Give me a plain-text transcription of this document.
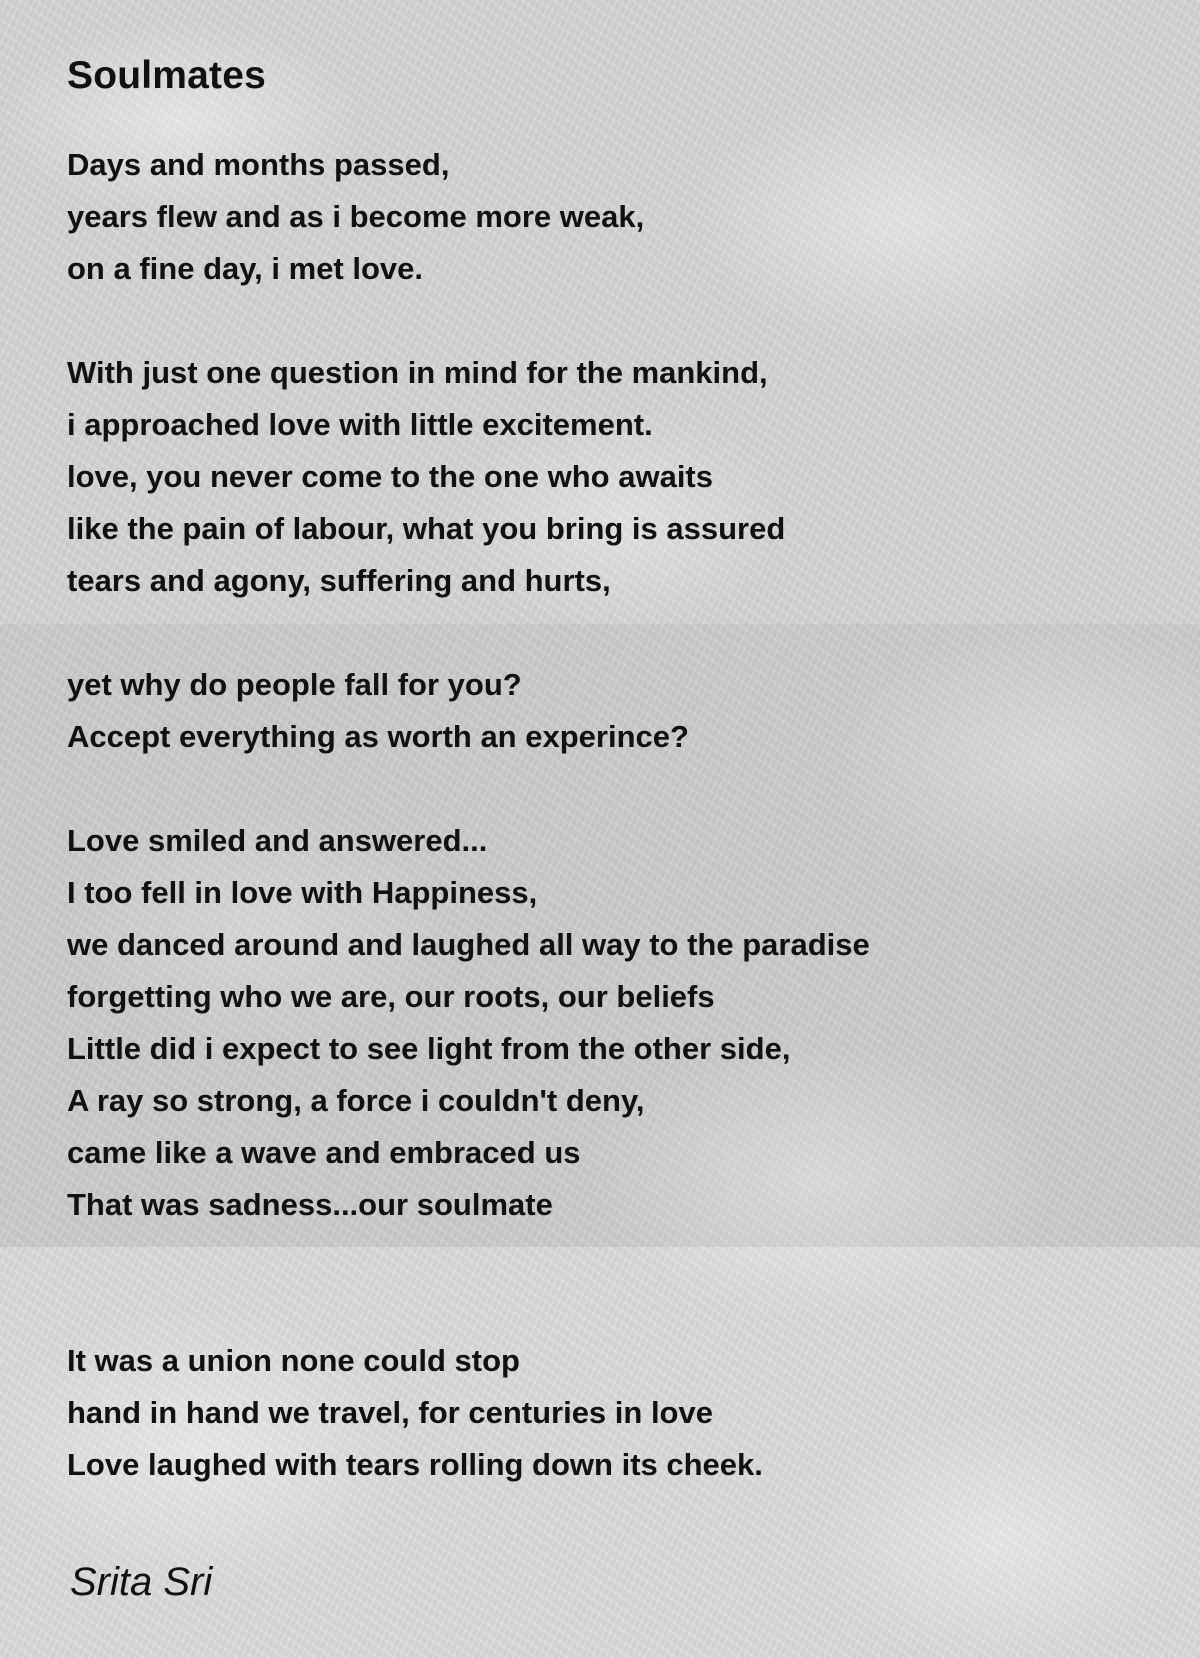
Soulmates
Days and months passed,
years flew and as i become more weak,
on a fine day, i met love.
With just one question in mind for the mankind,
i approached love with little excitement.
love, you never come to the one who awaits
like the pain of labour, what you bring is assured
tears and agony, suffering and hurts,
yet why do people fall for you?
Accept everything as worth an experince?
Love smiled and answered...
I too fell in love with Happiness,
we danced around and laughed all way to the paradise
forgetting who we are, our roots, our beliefs
Little did i expect to see light from the other side,
A ray so strong, a force i couldn't deny,
came like a wave and embraced us
That was sadness...our soulmate
It was a union none could stop
hand in hand we travel, for centuries in love
Love laughed with tears rolling down its cheek.
Srita Sri
